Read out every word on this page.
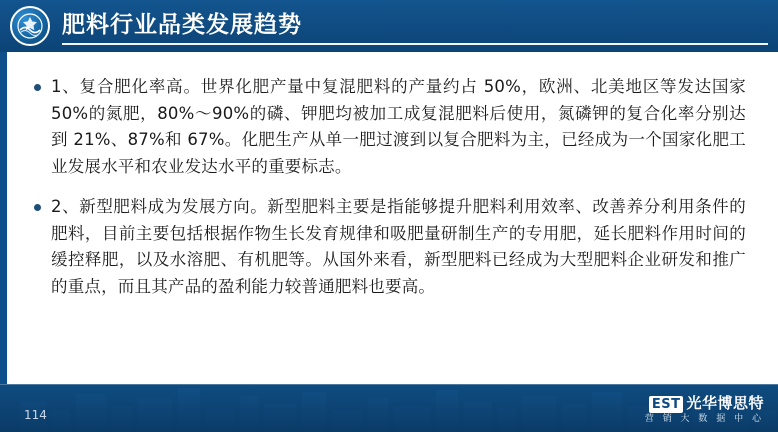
肥料行业品类发展趋势
1、复合肥化率高。世界化肥产量中复混肥料的产量约占 50%，欧洲、北美地区等发达国家 50%的氮肥，80%～90%的磷、钾肥均被加工成复混肥料后使用，氮磷钾的复合化率分别达到 21%、87%和 67%。化肥生产从单一肥过渡到以复合肥料为主，已经成为一个国家化肥工业发展水平和农业发达水平的重要标志。
2、新型肥料成为发展方向。新型肥料主要是指能够提升肥料利用效率、改善养分利用条件的肥料，目前主要包括根据作物生长发育规律和吸肥量研制生产的专用肥，延长肥料作用时间的缓控释肥，以及水溶肥、有机肥等。从国外来看，新型肥料已经成为大型肥料企业研发和推广的重点，而且其产品的盈利能力较普通肥料也要高。
114
EST 光华博思特
营 销 大 数 据 中 心
